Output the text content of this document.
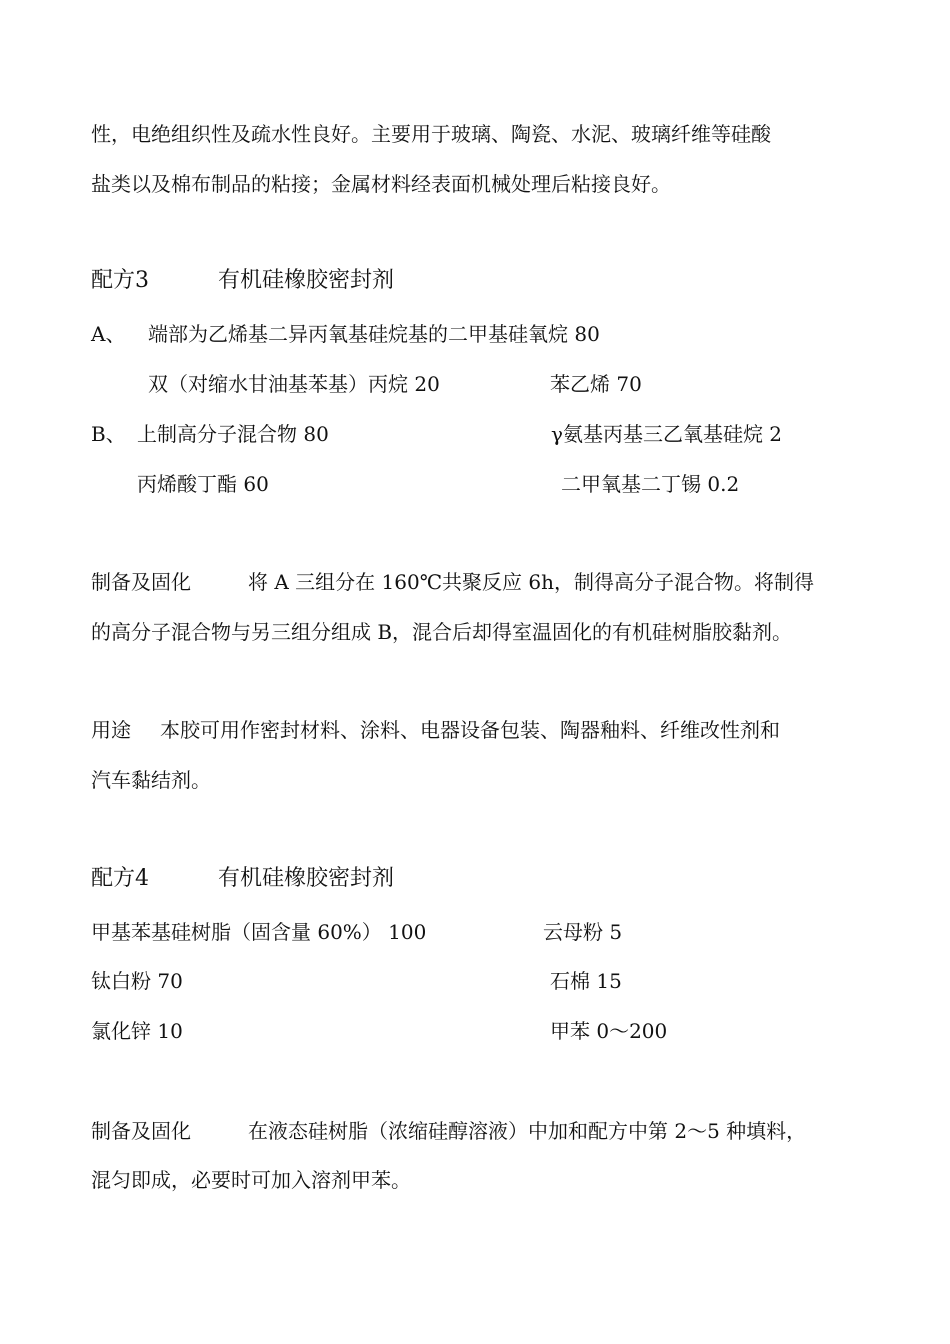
性，电绝组织性及疏水性良好。主要用于玻璃、陶瓷、水泥、玻璃纤维等硅酸
盐类以及棉布制品的粘接；金属材料经表面机械处理后粘接良好。
配方3	有机硅橡胶密封剂
A、 端部为乙烯基二异丙氧基硅烷基的二甲基硅氧烷 80
双（对缩水甘油基苯基）丙烷 20	苯乙烯 70
B、 上制高分子混合物 80	γ氨基丙基三乙氧基硅烷 2
丙烯酸丁酯 60	二甲氧基二丁锡 0.2
制备及固化	将 A 三组分在 160℃共聚反应 6h，制得高分子混合物。将制得
的高分子混合物与另三组分组成 B，混合后却得室温固化的有机硅树脂胶黏剂。
用途 本胶可用作密封材料、涂料、电器设备包装、陶器釉料、纤维改性剂和
汽车黏结剂。
配方4	有机硅橡胶密封剂
甲基苯基硅树脂（固含量 60%） 100	云母粉 5
钛白粉 70	石棉 15
氯化锌 10	甲苯 0～200
制备及固化	在液态硅树脂（浓缩硅醇溶液）中加和配方中第 2～5 种填料，
混匀即成，必要时可加入溶剂甲苯。
